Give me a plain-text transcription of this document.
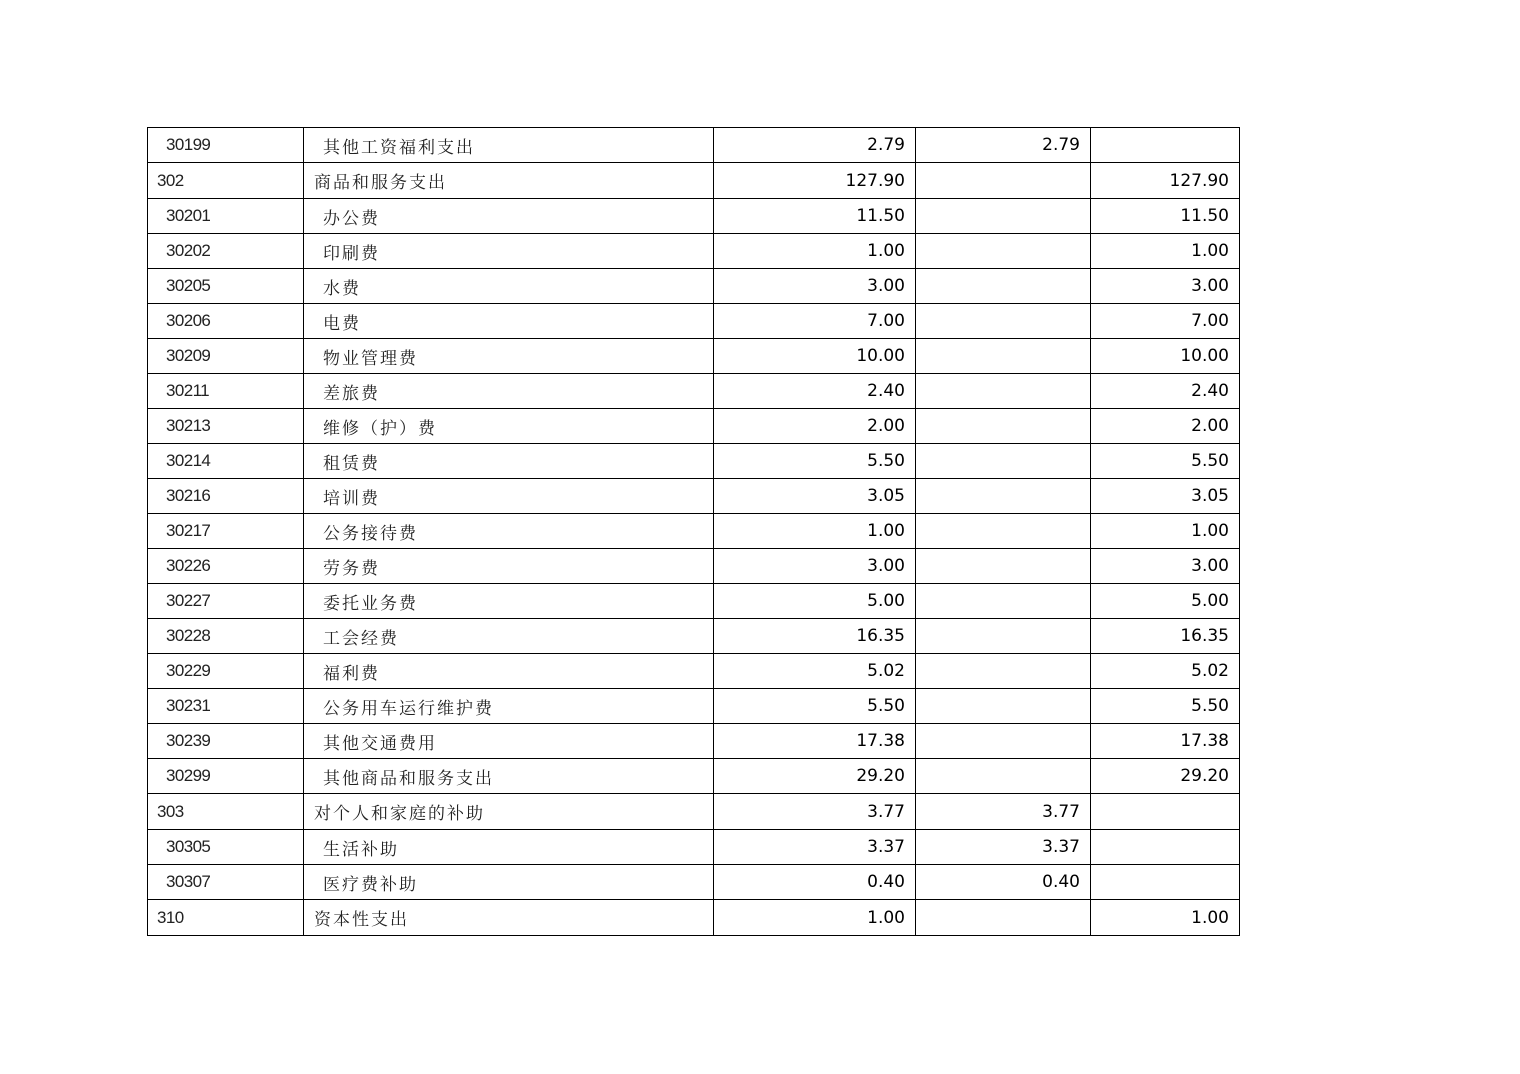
30199	其他工资福利支出	2.79	2.79	
302	商品和服务支出	127.90		127.90
30201	办公费	11.50		11.50
30202	印刷费	1.00		1.00
30205	水费	3.00		3.00
30206	电费	7.00		7.00
30209	物业管理费	10.00		10.00
30211	差旅费	2.40		2.40
30213	维修（护）费	2.00		2.00
30214	租赁费	5.50		5.50
30216	培训费	3.05		3.05
30217	公务接待费	1.00		1.00
30226	劳务费	3.00		3.00
30227	委托业务费	5.00		5.00
30228	工会经费	16.35		16.35
30229	福利费	5.02		5.02
30231	公务用车运行维护费	5.50		5.50
30239	其他交通费用	17.38		17.38
30299	其他商品和服务支出	29.20		29.20
303	对个人和家庭的补助	3.77	3.77	
30305	生活补助	3.37	3.37	
30307	医疗费补助	0.40	0.40	
310	资本性支出	1.00		1.00
